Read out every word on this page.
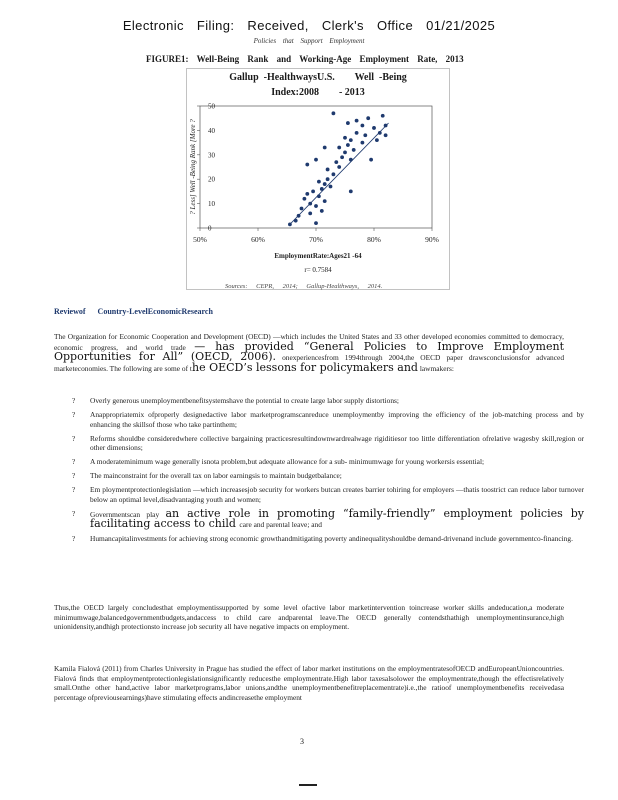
Electronic Filing: Received, Clerk's Office 01/21/2025
Policies that Support Employment
FIGURE1: Well-Being Rank and Working-Age Employment Rate, 2013
0
10
20
30
40
50
50%	60%	70%	80%	90%
? Less] Well -Being Rank [More ?
EmploymentRate:Ages21 -64
r= 0.7584
Gallup  -HealthwaysU.S.        Well  -Being
Index:2008        - 2013
Sources: CEPR, 2014; Gallup-Healthways, 2014.
Reviewof Country-LevelEconomicResearch
The Organization for Economic Cooperation and Development (OECD) —which includes the United States and 33 other developed economies committed to democracy, economic progress, and world trade — has provided “General Policies to Improve Employment Opportunities for All” (OECD, 2006). onexperiencesfrom 1994through 2004,the OECD paper drawsconclusionsfor advanced marketeconomies. The following are some of the OECD’s lessons for policymakers and lawmakers:
? Overly generous unemploymentbenefitsystemshave the potential to create large labor supply distortions;
? Anappropriatemix ofproperly designedactive labor marketprogramscanreduce unemploymentby improving the efficiency of the job-matching process and by enhancing the skillsof those who take partinthem;
? Reforms shouldbe consideredwhere collective bargaining practicesresultindownwardrealwage rigiditiesor too little differentiation ofrelative wagesby skill,region or other dimensions;
? A moderateminimum wage generally isnota problem,but adequate allowance for a sub- minimumwage for young workersis essential;
? The mainconstraint for the overall tax on labor earningsis to maintain budgetbalance;
? Em ploymentprotectionlegislation —which increasesjob security for workers butcan creates barrier tohiring for employers —thatis toostrict can reduce labor turnover below an optimal level,disadvantaging youth and women;
? Governmentscan play an active role in promoting “family-friendly” employment policies by facilitating access to child care and parental leave; and
? Humancapitalinvestments for achieving strong economic growthandmitigating poverty andinequalityshouldbe demand-drivenand include governmentco-financing.
Thus,the OECD largely concludesthat employmentissupported by some level ofactive labor marketintervention toincrease worker skills andeducation,a moderate minimumwage,balancedgovernmentbudgets,andaccess to child care andparental leave.The OECD generally contendsthathigh unemploymentinsurance,high unionidensity,andhigh protectionsto increase job security all have negative impacts on employment.
Kamila Fialová (2011) from Charles University in Prague has studied the effect of labor market institutions on the employmentratesofOECD andEuropeanUnioncountries. Fialová finds that employmentprotectionlegislationsignificantly reducesthe employmentrate.High labor taxesalsolower the employmentrate,though the effectisrelatively small.Onthe other hand,active labor marketprograms,labor unions,andthe unemploymentbenefitreplacementrate)i.e.,the ratioof unemploymentbenefits receivedasa percentage ofpreviousearnings)have stimulating effects andincreasethe employment
3
